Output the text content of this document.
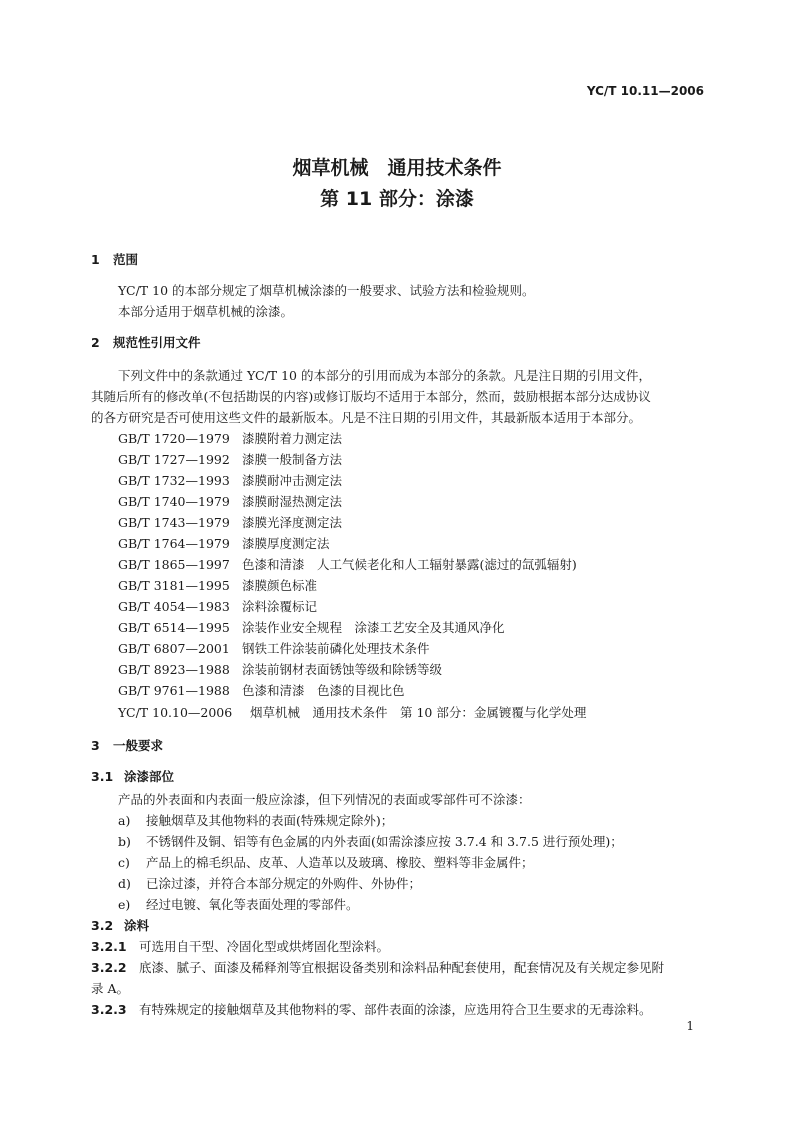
YC/T 10.11—2006
烟草机械　通用技术条件
第 11 部分：涂漆
1 范围
YC/T 10 的本部分规定了烟草机械涂漆的一般要求、试验方法和检验规则。
本部分适用于烟草机械的涂漆。
2 规范性引用文件
下列文件中的条款通过 YC/T 10 的本部分的引用而成为本部分的条款。凡是注日期的引用文件，
其随后所有的修改单(不包括勘误的内容)或修订版均不适用于本部分，然而，鼓励根据本部分达成协议
的各方研究是否可使用这些文件的最新版本。凡是不注日期的引用文件，其最新版本适用于本部分。
GB/T 1720—1979 漆膜附着力测定法
GB/T 1727—1992 漆膜一般制备方法
GB/T 1732—1993 漆膜耐冲击测定法
GB/T 1740—1979 漆膜耐湿热测定法
GB/T 1743—1979 漆膜光泽度测定法
GB/T 1764—1979 漆膜厚度测定法
GB/T 1865—1997 色漆和清漆　人工气候老化和人工辐射暴露(滤过的氙弧辐射)
GB/T 3181—1995 漆膜颜色标准
GB/T 4054—1983 涂料涂覆标记
GB/T 6514—1995 涂装作业安全规程　涂漆工艺安全及其通风净化
GB/T 6807—2001 钢铁工件涂装前磷化处理技术条件
GB/T 8923—1988 涂装前钢材表面锈蚀等级和除锈等级
GB/T 9761—1988 色漆和清漆　色漆的目视比色
YC/T 10.10—2006 烟草机械　通用技术条件　第 10 部分：金属镀覆与化学处理
3 一般要求
3.1 涂漆部位
产品的外表面和内表面一般应涂漆，但下列情况的表面或零部件可不涂漆：
a) 接触烟草及其他物料的表面(特殊规定除外)；
b) 不锈钢件及铜、铝等有色金属的内外表面(如需涂漆应按 3.7.4 和 3.7.5 进行预处理)；
c) 产品上的棉毛织品、皮革、人造革以及玻璃、橡胶、塑料等非金属件；
d) 已涂过漆，并符合本部分规定的外购件、外协件；
e) 经过电镀、氧化等表面处理的零部件。
3.2 涂料
3.2.1 可选用自干型、冷固化型或烘烤固化型涂料。
3.2.2 底漆、腻子、面漆及稀释剂等宜根据设备类别和涂料品种配套使用，配套情况及有关规定参见附
录 A。
3.2.3 有特殊规定的接触烟草及其他物料的零、部件表面的涂漆，应选用符合卫生要求的无毒涂料。
1
